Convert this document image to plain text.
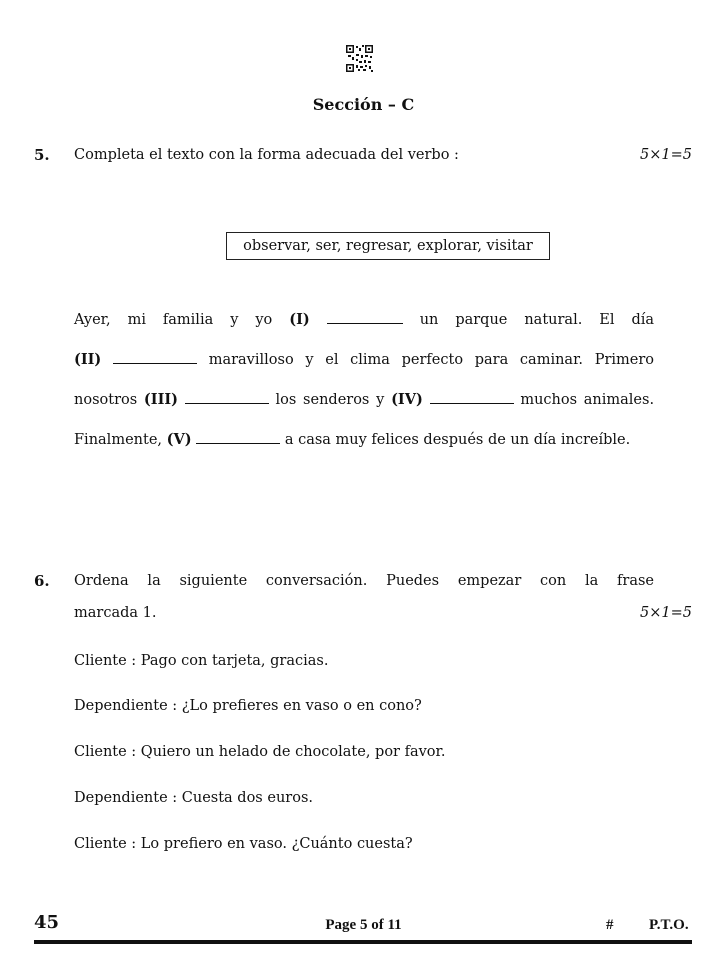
Sección – C
5. Completa el texto con la forma adecuada del verbo :	5×1=5
observar, ser, regresar, explorar, visitar
Ayer, mi familia y yo (I)	un parque natural. El día
(II)	maravilloso y el clima perfecto para caminar. Primero
nosotros (III)	los senderos y (IV)	muchos animales.
Finalmente, (V)	a casa muy felices después de un día increíble.
6. Ordena la siguiente conversación. Puedes empezar con la frase
marcada 1.	5×1=5
Cliente : Pago con tarjeta, gracias.
Dependiente : ¿Lo prefieres en vaso o en cono?
Cliente : Quiero un helado de chocolate, por favor.
Dependiente : Cuesta dos euros.
Cliente : Lo prefiero en vaso. ¿Cuánto cuesta?
45	Page 5 of 11	# P.T.O.
